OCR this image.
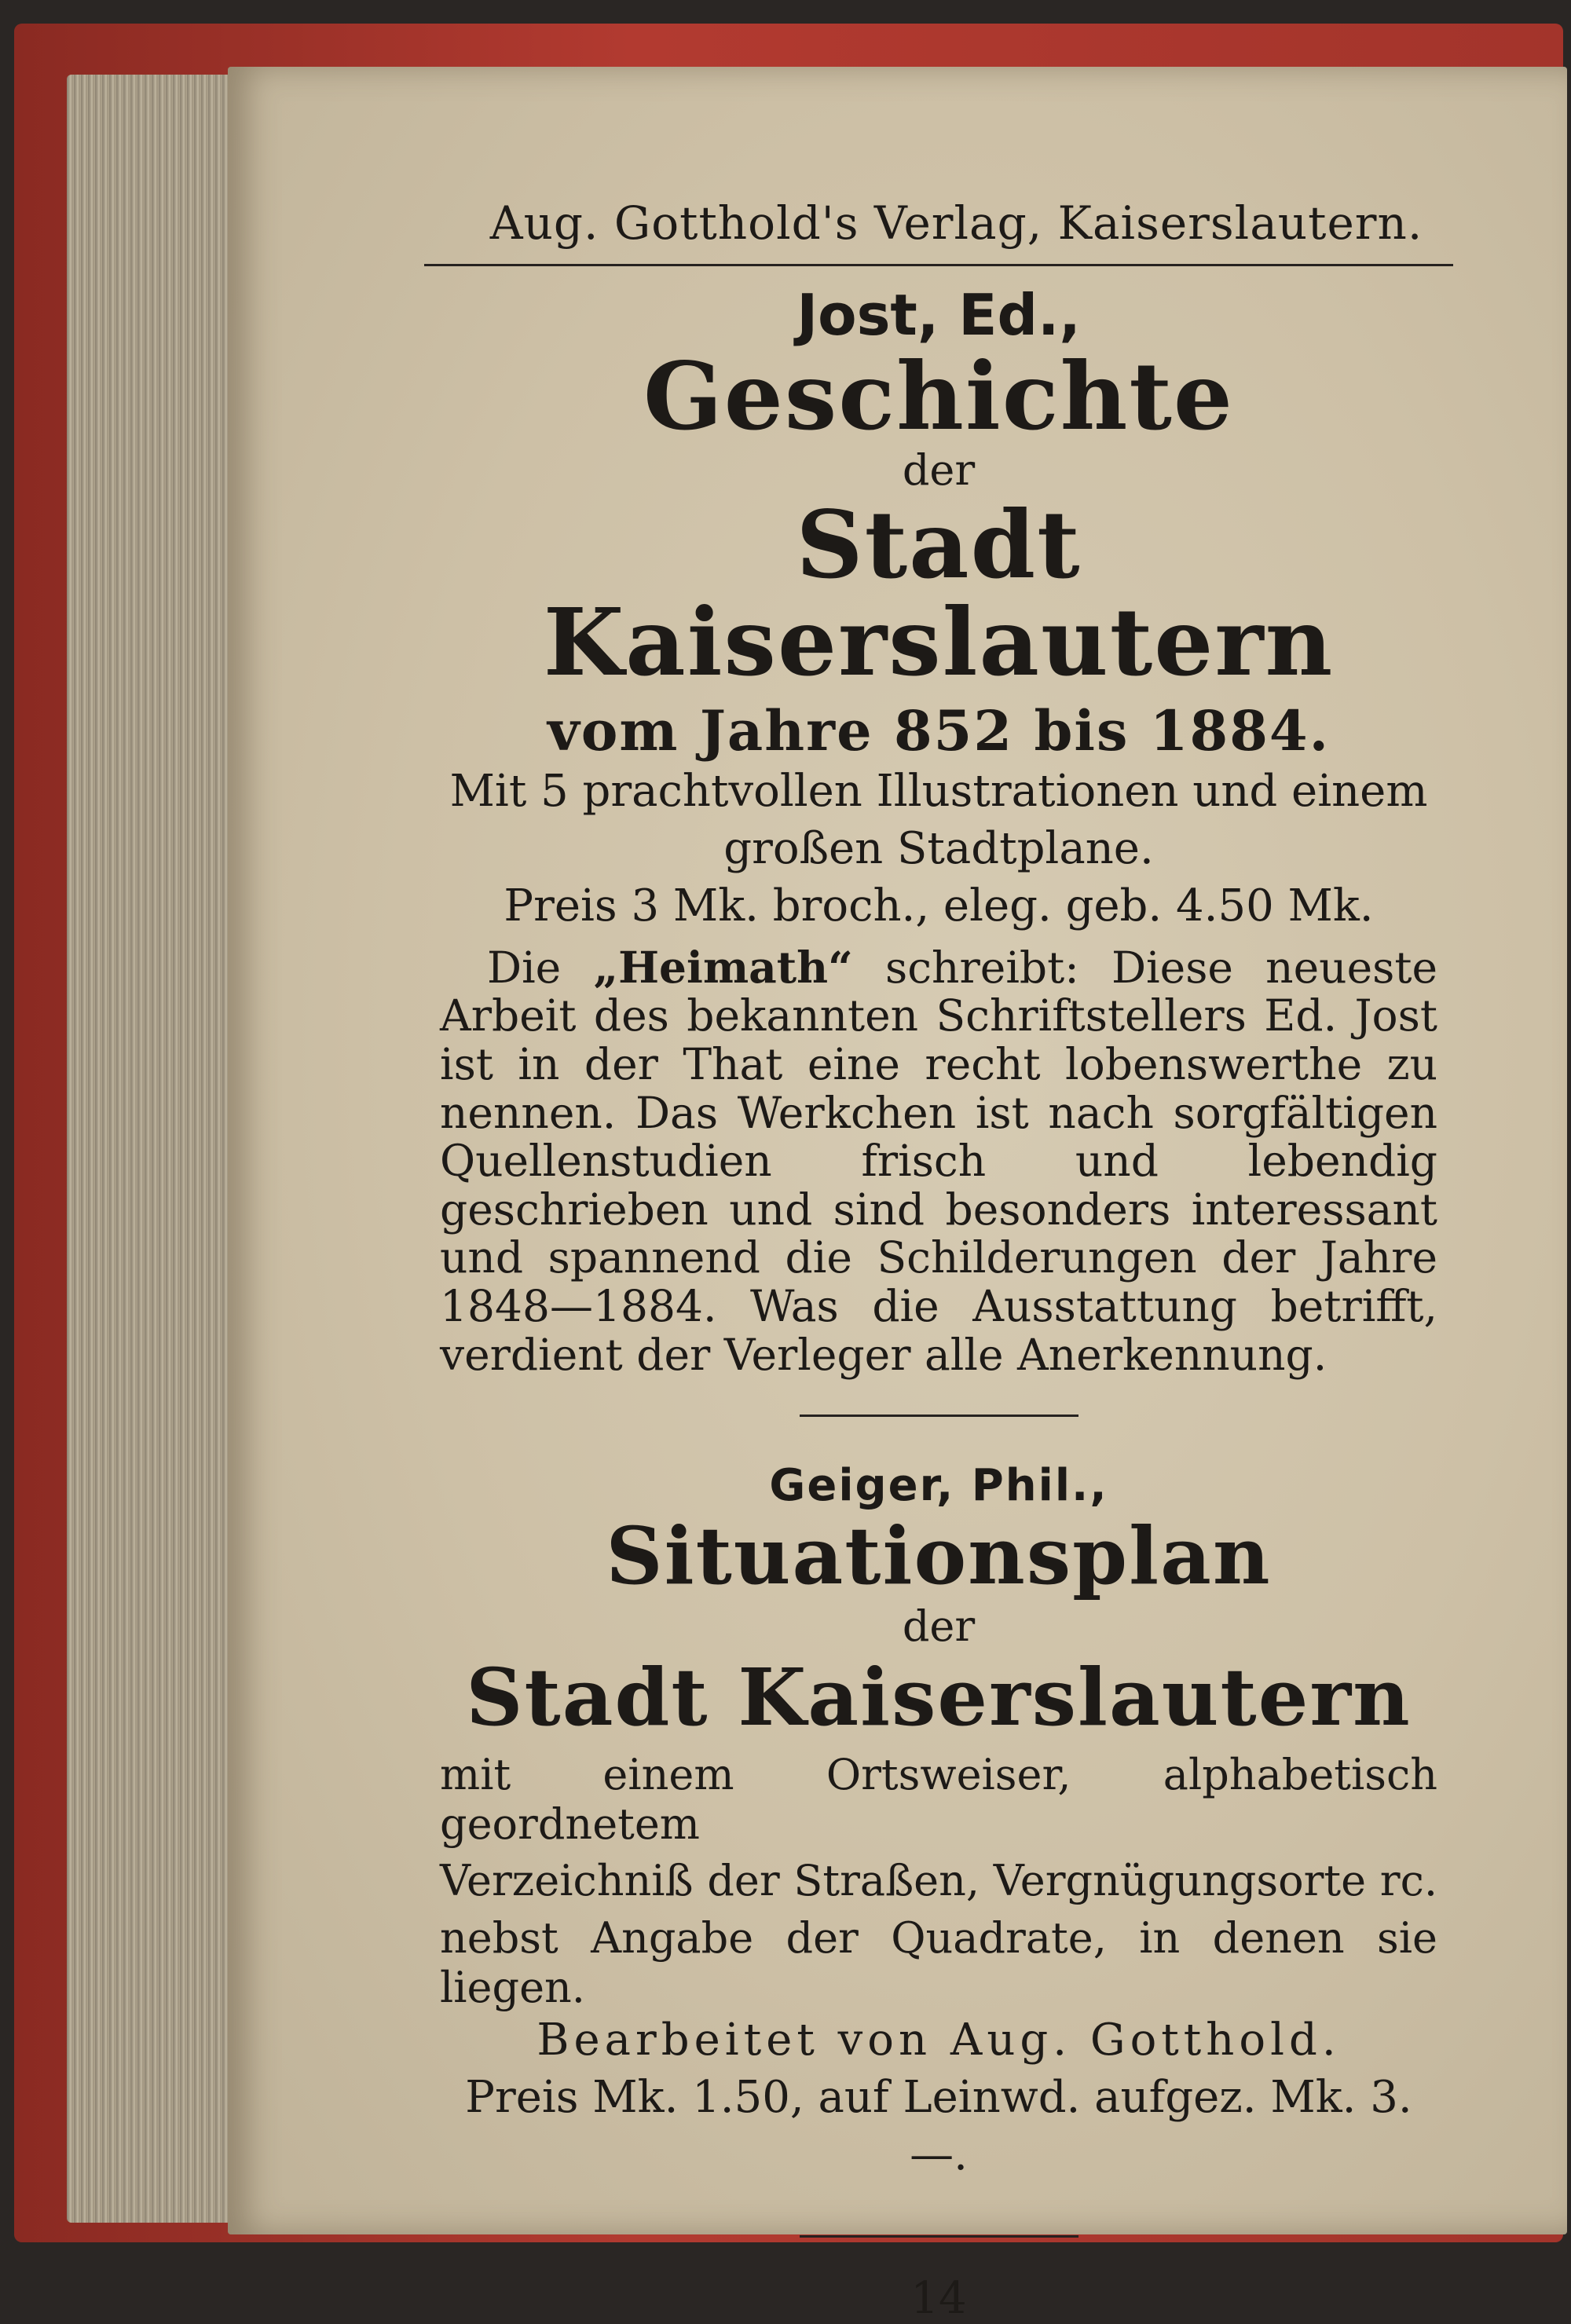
Aug. Gotthold's Verlag, Kaiserslautern.
Jost, Ed.,
Geschichte
der
Stadt Kaiserslautern
vom Jahre 852 bis 1884.
Mit 5 prachtvollen Illustrationen und einem
großen Stadtplane.
Preis 3 Mk. broch., eleg. geb. 4.50 Mk.
Die „Heimath“ schreibt: Diese neueste Arbeit des bekannten Schriftstellers Ed. Jost ist in der That eine recht lobenswerthe zu nennen. Das Werkchen ist nach sorgfältigen Quellenstudien frisch und lebendig geschrieben und sind besonders interessant und spannend die Schilderungen der Jahre 1848—1884. Was die Ausstattung betrifft, verdient der Verleger alle Anerkennung.
Geiger, Phil.,
Situationsplan
der
Stadt Kaiserslautern
mit einem Ortsweiser, alphabetisch geordnetem
Verzeichniß der Straßen, Vergnügungsorte rc.
nebst Angabe der Quadrate, in denen sie liegen.
Bearbeitet von Aug. Gotthold.
Preis Mk. 1.50, auf Leinwd. aufgez. Mk. 3.—.
14
